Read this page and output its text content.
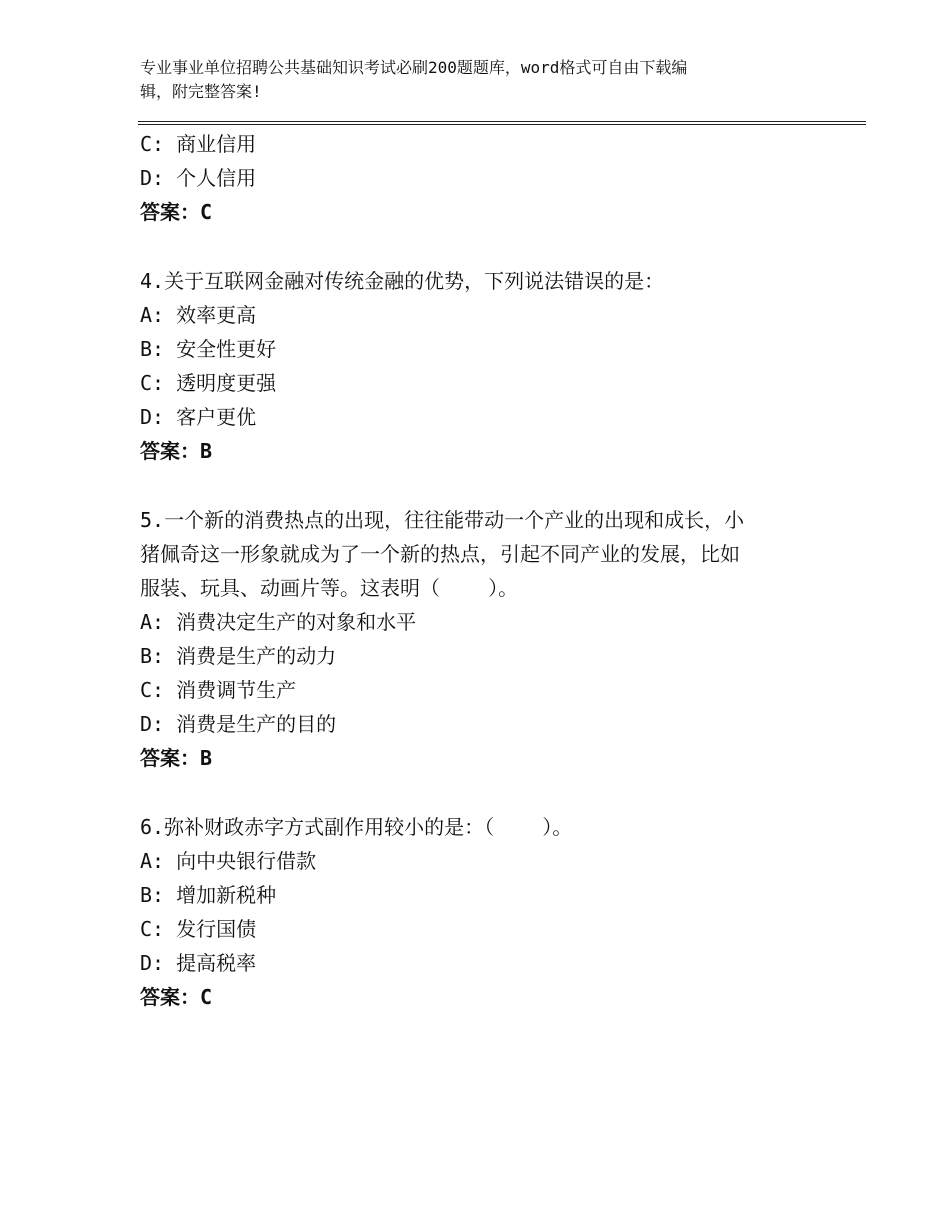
专业事业单位招聘公共基础知识考试必刷200题题库，word格式可自由下载编
辑，附完整答案!
C: 商业信用
D: 个人信用
答案：C
4.关于互联网金融对传统金融的优势，下列说法错误的是：
A: 效率更高
B: 安全性更好
C: 透明度更强
D: 客户更优
答案：B
5.一个新的消费热点的出现，往往能带动一个产业的出现和成长，小
猪佩奇这一形象就成为了一个新的热点，引起不同产业的发展，比如
服装、玩具、动画片等。这表明（    ）。
A: 消费决定生产的对象和水平
B: 消费是生产的动力
C: 消费调节生产
D: 消费是生产的目的
答案：B
6.弥补财政赤字方式副作用较小的是：（    ）。
A: 向中央银行借款
B: 增加新税种
C: 发行国债
D: 提高税率
答案：C
